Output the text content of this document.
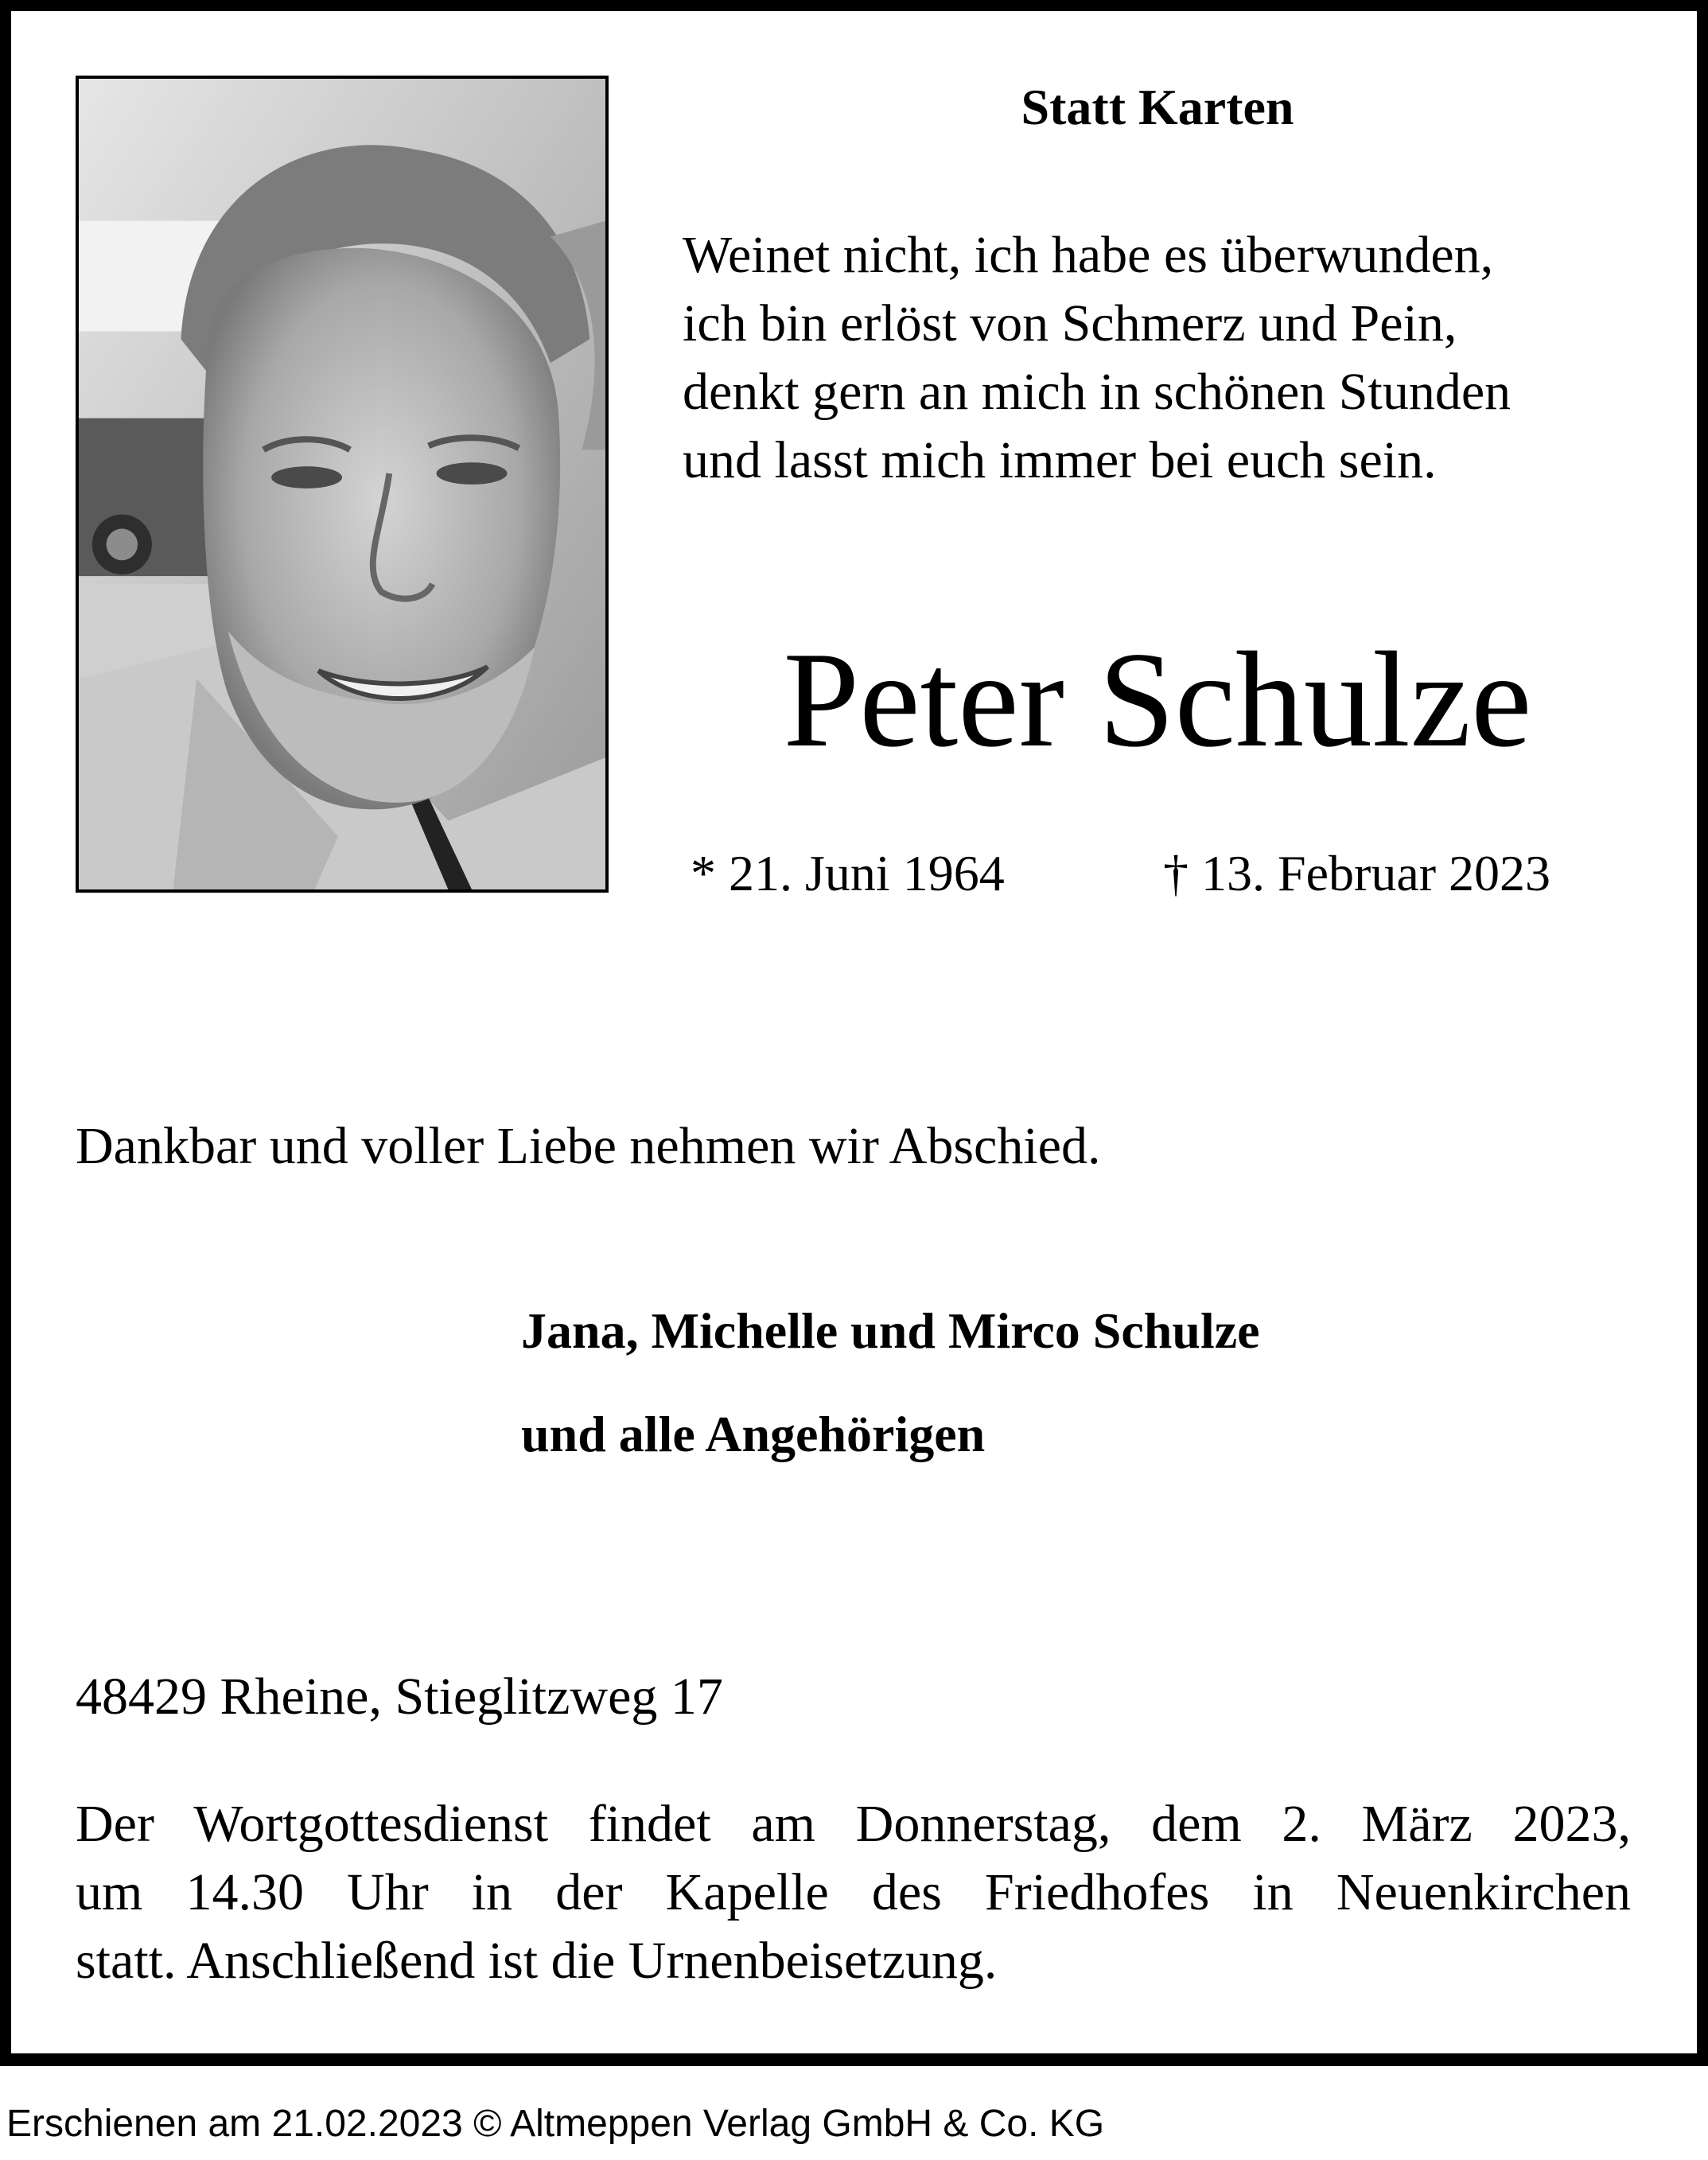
Statt Karten
Weinet nicht, ich habe es überwunden,
ich bin erlöst von Schmerz und Pein,
denkt gern an mich in schönen Stunden
und lasst mich immer bei euch sein.
Peter Schulze
* 21. Juni 1964	† 13. Februar 2023
Dankbar und voller Liebe nehmen wir Abschied.
Jana, Michelle und Mirco Schulze
und alle Angehörigen
48429 Rheine, Stieglitzweg 17
Der Wortgottesdienst findet am Donnerstag, dem 2. März 2023,
um 14.30 Uhr in der Kapelle des Friedhofes in Neuenkirchen
statt. Anschließend ist die Urnenbeisetzung.
Erschienen am 21.02.2023 © Altmeppen Verlag GmbH & Co. KG
